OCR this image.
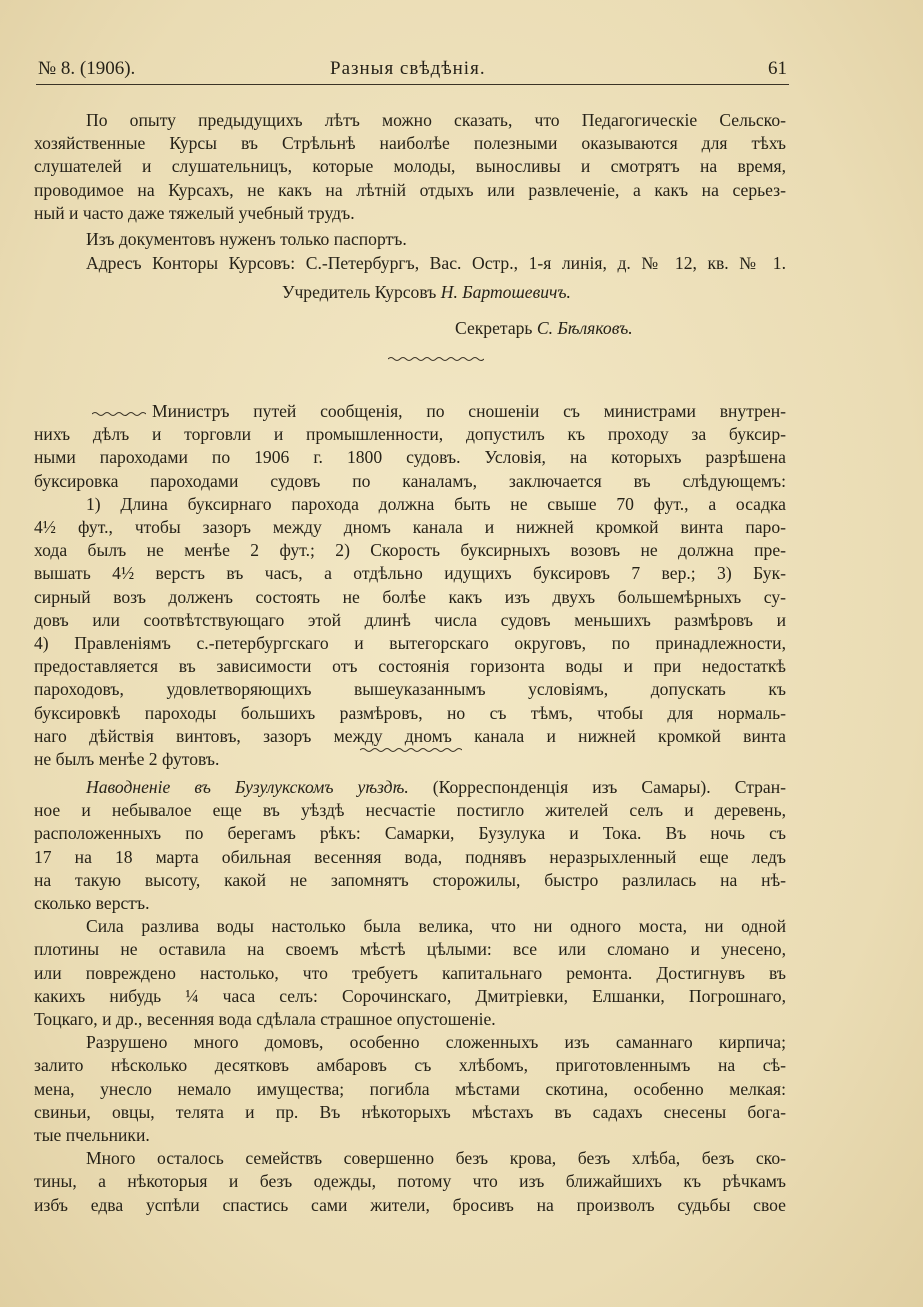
№ 8. (1906).	Разныя свѣдѣнія.	61

По опыту предыдущихъ лѣтъ можно сказать, что Педагогическіе Сельско-

хозяйственные Курсы въ Стрѣльнѣ наиболѣе полезными оказываются для тѣхъ

слушателей и слушательницъ, которые молоды, выносливы и смотрятъ на время,

проводимое на Курсахъ, не какъ на лѣтній отдыхъ или развлеченіе, а какъ на серьез-

ный и часто даже тяжелый учебный трудъ.

Изъ документовъ нуженъ только паспортъ.

Адресъ Конторы Курсовъ: С.-Петербургъ, Вас. Остр., 1-я линія, д. № 12, кв. № 1.

Учредитель Курсовъ Н. Бартошевичъ.
Секретарь С. Бѣляковъ.

Министръ путей сообщенія, по сношеніи съ министрами внутрен-

нихъ дѣлъ и торговли и промышленности, допустилъ къ проходу за буксир-

ными пароходами по 1906 г. 1800 судовъ. Условія, на которыхъ разрѣшена

буксировка пароходами судовъ по каналамъ, заключается въ слѣдующемъ:

1) Длина буксирнаго парохода должна быть не свыше 70 фут., а осадка

4½ фут., чтобы зазоръ между дномъ канала и нижней кромкой винта паро-

хода былъ не менѣе 2 фут.; 2) Скорость буксирныхъ возовъ не должна пре-

вышать 4½ верстъ въ часъ, а отдѣльно идущихъ буксировъ 7 вер.; 3) Бук-

сирный возъ долженъ состоять не болѣе какъ изъ двухъ большемѣрныхъ су-

довъ или соотвѣтствующаго этой длинѣ числа судовъ меньшихъ размѣровъ и

4) Правленіямъ с.-петербургскаго и вытегорскаго округовъ, по принадлежности,

предоставляется въ зависимости отъ состоянія горизонта воды и при недостаткѣ

пароходовъ, удовлетворяющихъ вышеуказаннымъ условіямъ, допускать къ

буксировкѣ пароходы большихъ размѣровъ, но съ тѣмъ, чтобы для нормаль-

наго дѣйствія винтовъ, зазоръ между дномъ канала и нижней кромкой винта

не былъ менѣе 2 футовъ.

Наводненіе въ Бузулукскомъ уѣздѣ. (Корреспонденція изъ Самары). Стран-

ное и небывалое еще въ уѣздѣ несчастіе постигло жителей селъ и деревень,

расположенныхъ по берегамъ рѣкъ: Самарки, Бузулука и Тока. Въ ночь съ

17 на 18 марта обильная весенняя вода, поднявъ неразрыхленный еще ледъ

на такую высоту, какой не запомнятъ сторожилы, быстро разлилась на нѣ-

сколько верстъ.

Сила разлива воды настолько была велика, что ни одного моста, ни одной

плотины не оставила на своемъ мѣстѣ цѣлыми: все или сломано и унесено,

или повреждено настолько, что требуетъ капитальнаго ремонта. Достигнувъ въ

какихъ нибудь ¼ часа селъ: Сорочинскаго, Дмитріевки, Елшанки, Погрошнаго,

Тоцкаго, и др., весенняя вода сдѣлала страшное опустошеніе.

Разрушено много домовъ, особенно сложенныхъ изъ саманнаго кирпича;

залито нѣсколько десятковъ амбаровъ съ хлѣбомъ, приготовленнымъ на сѣ-

мена, унесло немало имущества; погибла мѣстами скотина, особенно мелкая:

свиньи, овцы, телята и пр. Въ нѣкоторыхъ мѣстахъ въ садахъ снесены бога-

тые пчельники.

Много осталось семействъ совершенно безъ крова, безъ хлѣба, безъ ско-

тины, а нѣкоторыя и безъ одежды, потому что изъ ближайшихъ къ рѣчкамъ

избъ едва успѣли спастись сами жители, бросивъ на произволъ судьбы свое
